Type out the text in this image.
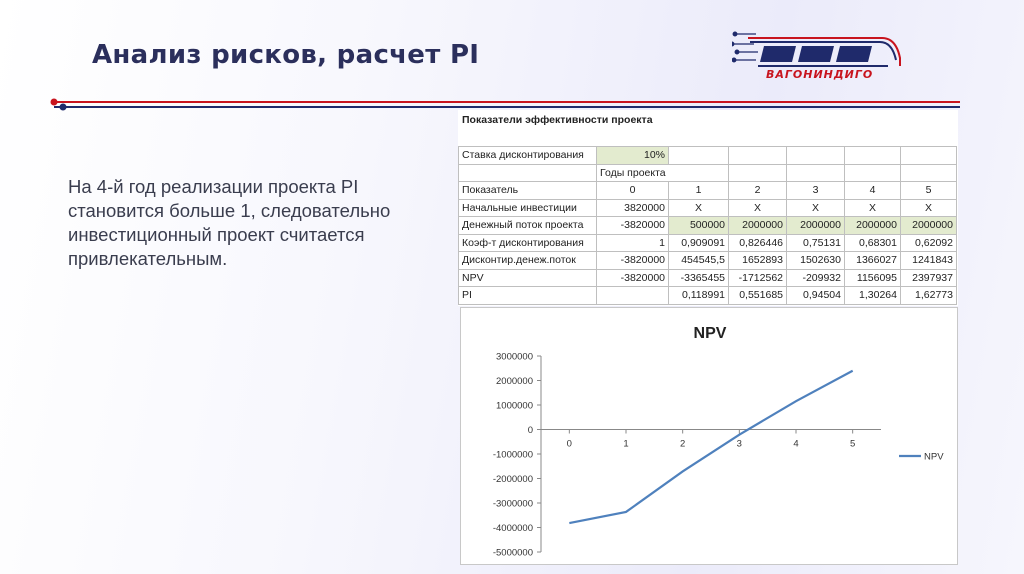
Анализ рисков, расчет PI
ВАГОНИНДИГО
На 4-й год реализации проекта PI становится больше 1, следовательно инвестиционный проект считается привлекательным.
Показатели эффективности проекта
Ставка дисконтирования	10%					
	Годы проекта					
Показатель	0	1	2	3	4	5
Начальные инвестиции	3820000	X	X	X	X	X
Денежный поток проекта	-3820000	500000	2000000	2000000	2000000	2000000
Коэф-т дисконтирования	1	0,909091	0,826446	0,75131	0,68301	0,62092
Дисконтир.денеж.поток	-3820000	454545,5	1652893	1502630	1366027	1241843
NPV	-3820000	-3365455	-1712562	-209932	1156095	2397937
PI		0,118991	0,551685	0,94504	1,30264	1,62773
NPV
3000000
2000000
1000000
0
-1000000
-2000000
-3000000
-4000000
-5000000
0	1	2	3	4	5
NPV
